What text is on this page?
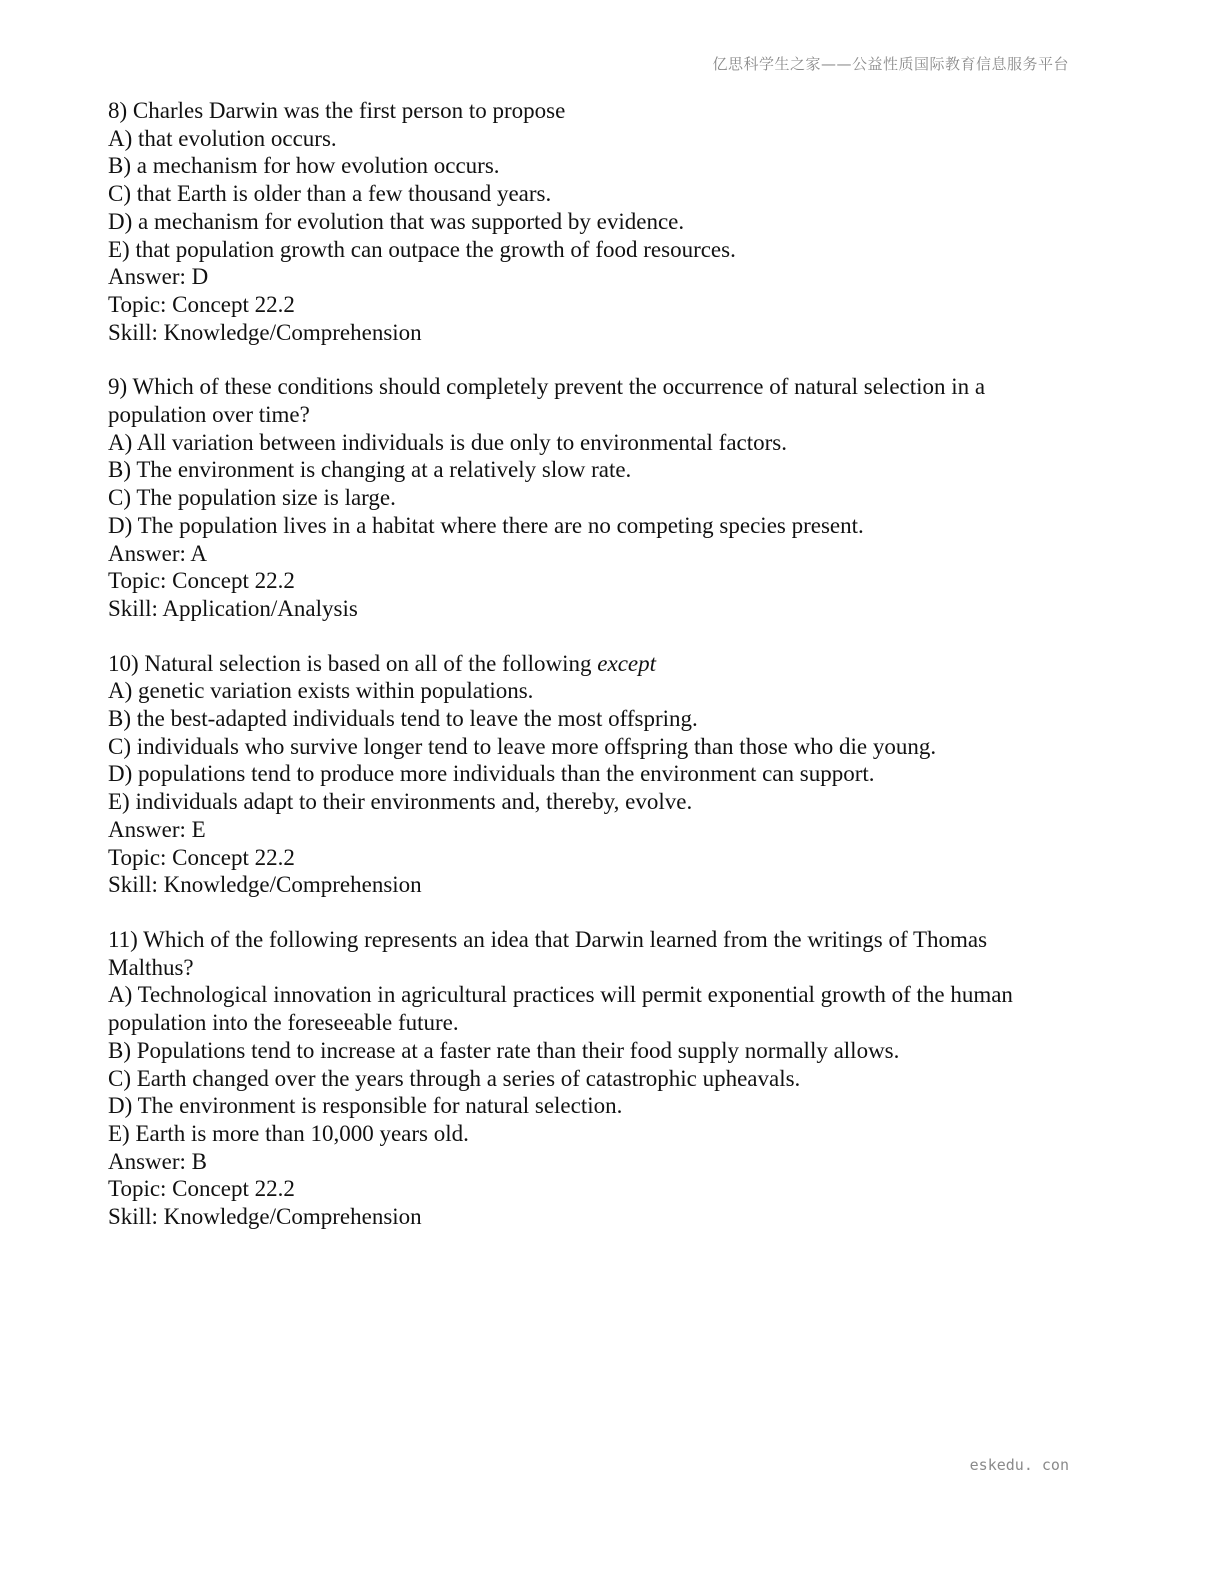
亿思科学生之家——公益性质国际教育信息服务平台
8) Charles Darwin was the first person to propose
A) that evolution occurs.
B) a mechanism for how evolution occurs.
C) that Earth is older than a few thousand years.
D) a mechanism for evolution that was supported by evidence.
E) that population growth can outpace the growth of food resources.
Answer: D
Topic: Concept 22.2
Skill: Knowledge/Comprehension
9) Which of these conditions should completely prevent the occurrence of natural selection in a population over time?
A) All variation between individuals is due only to environmental factors.
B) The environment is changing at a relatively slow rate.
C) The population size is large.
D) The population lives in a habitat where there are no competing species present.
Answer: A
Topic: Concept 22.2
Skill: Application/Analysis
10) Natural selection is based on all of the following except
A) genetic variation exists within populations.
B) the best-adapted individuals tend to leave the most offspring.
C) individuals who survive longer tend to leave more offspring than those who die young.
D) populations tend to produce more individuals than the environment can support.
E) individuals adapt to their environments and, thereby, evolve.
Answer: E
Topic: Concept 22.2
Skill: Knowledge/Comprehension
11) Which of the following represents an idea that Darwin learned from the writings of Thomas Malthus?
A) Technological innovation in agricultural practices will permit exponential growth of the human population into the foreseeable future.
B) Populations tend to increase at a faster rate than their food supply normally allows.
C) Earth changed over the years through a series of catastrophic upheavals.
D) The environment is responsible for natural selection.
E) Earth is more than 10,000 years old.
Answer: B
Topic: Concept 22.2
Skill: Knowledge/Comprehension
eskedu. con
